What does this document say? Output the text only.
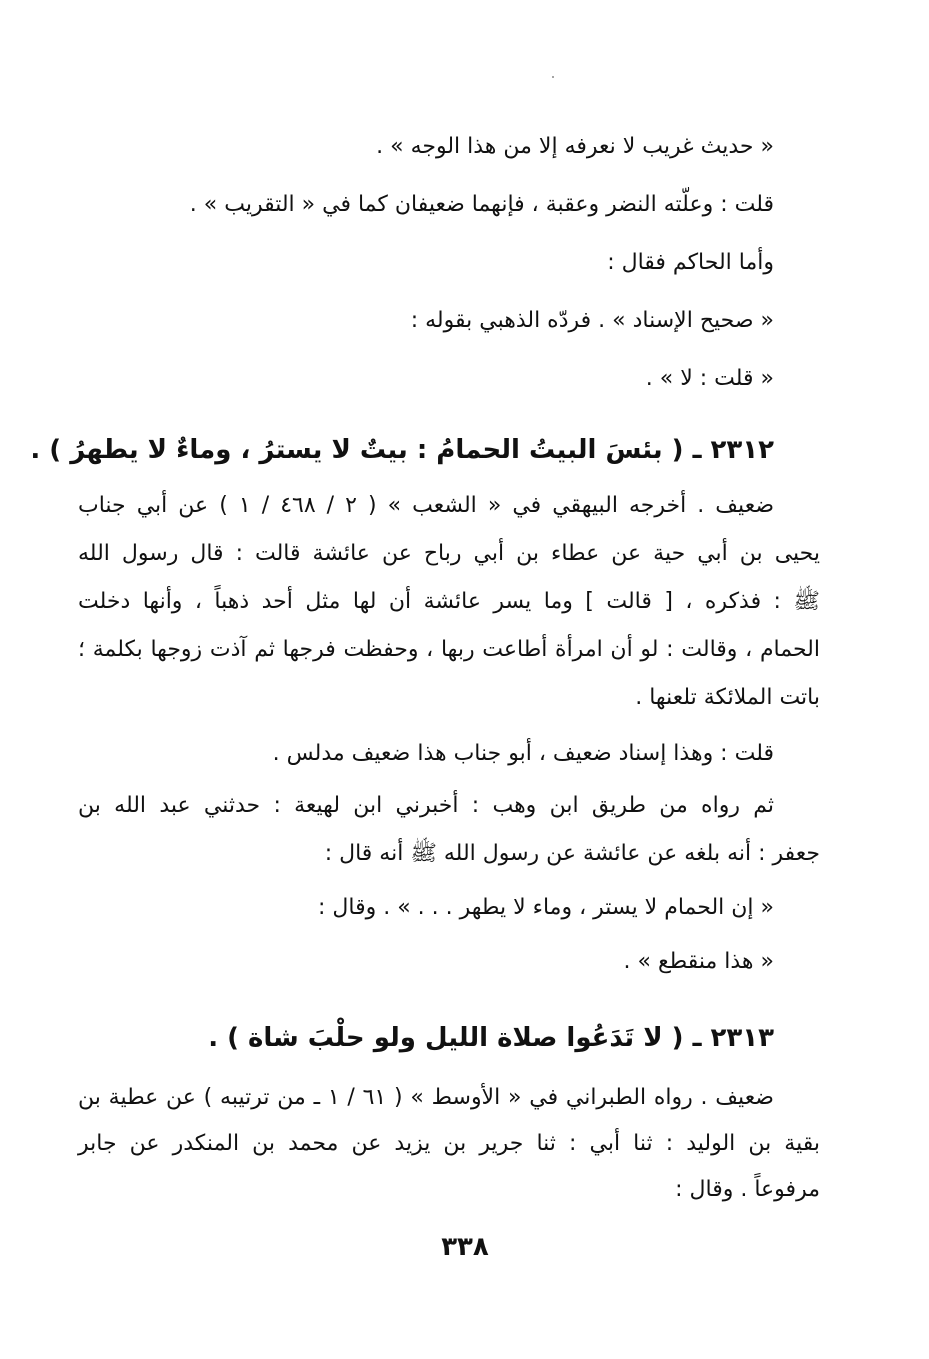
« حديث غريب لا نعرفه إلا من هذا الوجه » .
قلت : وعلّته النضر وعقبة ، فإنهما ضعيفان كما في « التقريب » .
وأما الحاكم فقال :
« صحيح الإسناد » . فردّه الذهبي بقوله :
« قلت : لا » .
٢٣١٢ ـ ( بئسَ البيتُ الحمامُ : بيتٌ لا يسترُ ، وماءٌ لا يطهرُ ) .
ضعيف . أخرجه البيهقي في « الشعب » ( ٢ / ٤٦٨ / ١ ) عن أبي جناب
يحيى بن أبي حية عن عطاء بن أبي رباح عن عائشة قالت : قال رسول الله
ﷺ : فذكره ، [ قالت ] وما يسر عائشة أن لها مثل أحد ذهباً ، وأنها دخلت
الحمام ، وقالت : لو أن امرأة أطاعت ربها ، وحفظت فرجها ثم آذت زوجها بكلمة ؛
باتت الملائكة تلعنها .
قلت : وهذا إسناد ضعيف ، أبو جناب هذا ضعيف مدلس .
ثم رواه من طريق ابن وهب : أخبرني ابن لهيعة : حدثني عبد الله بن
جعفر : أنه بلغه عن عائشة عن رسول الله ﷺ أنه قال :
« إن الحمام لا يستر ، وماء لا يطهر . . . » . وقال :
« هذا منقطع » .
٢٣١٣ ـ ( لا تَدَعُوا صلاة الليل ولو حلْبَ شاة ) .
ضعيف . رواه الطبراني في « الأوسط » ( ٦١ / ١ ـ من ترتيبه ) عن عطية بن
بقية بن الوليد : ثنا أبي : ثنا جرير بن يزيد عن محمد بن المنكدر عن جابر
مرفوعاً . وقال :
٣٣٨
